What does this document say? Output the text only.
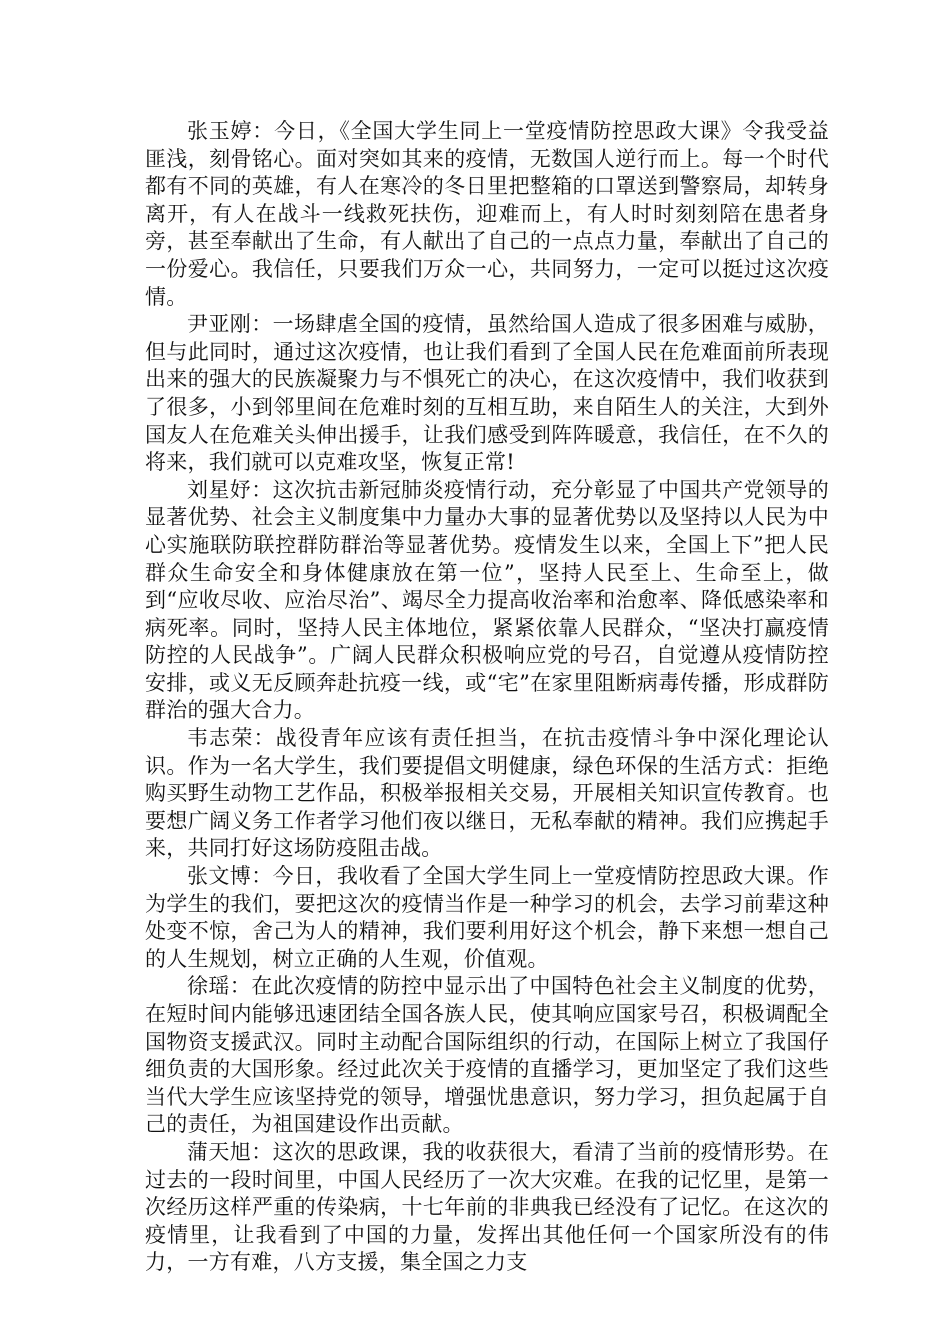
张玉婷：今日，《全国大学生同上一堂疫情防控思政大课》令我受益匪浅，刻骨铭心。面对突如其来的疫情，无数国人逆行而上。每一个时代都有不同的英雄，有人在寒冷的冬日里把整箱的口罩送到警察局，却转身离开，有人在战斗一线救死扶伤，迎难而上，有人时时刻刻陪在患者身旁，甚至奉献出了生命，有人献出了自己的一点点力量，奉献出了自己的一份爱心。我信任，只要我们万众一心，共同努力，一定可以挺过这次疫情。

尹亚刚：一场肆虐全国的疫情，虽然给国人造成了很多困难与威胁，但与此同时，通过这次疫情，也让我们看到了全国人民在危难面前所表现出来的强大的民族凝聚力与不惧死亡的决心，在这次疫情中，我们收获到了很多，小到邻里间在危难时刻的互相互助，来自陌生人的关注，大到外国友人在危难关头伸出援手，让我们感受到阵阵暖意，我信任，在不久的将来，我们就可以克难攻坚，恢复正常!

刘星妤：这次抗击新冠肺炎疫情行动，充分彰显了中国共产党领导的显著优势、社会主义制度集中力量办大事的显著优势以及坚持以人民为中心实施联防联控群防群治等显著优势。疫情发生以来，全国上下”把人民群众生命安全和身体健康放在第一位”，坚持人民至上、生命至上，做到“应收尽收、应治尽治”、竭尽全力提高收治率和治愈率、降低感染率和病死率。同时，坚持人民主体地位，紧紧依靠人民群众，“坚决打赢疫情防控的人民战争”。广阔人民群众积极响应党的号召，自觉遵从疫情防控安排，或义无反顾奔赴抗疫一线，或“宅”在家里阻断病毒传播，形成群防群治的强大合力。

韦志荣：战役青年应该有责任担当，在抗击疫情斗争中深化理论认识。作为一名大学生，我们要提倡文明健康，绿色环保的生活方式：拒绝购买野生动物工艺作品，积极举报相关交易，开展相关知识宣传教育。也要想广阔义务工作者学习他们夜以继日，无私奉献的精神。我们应携起手来，共同打好这场防疫阻击战。

张文博：今日，我收看了全国大学生同上一堂疫情防控思政大课。作为学生的我们，要把这次的疫情当作是一种学习的机会，去学习前辈这种处变不惊，舍己为人的精神，我们要利用好这个机会，静下来想一想自己的人生规划，树立正确的人生观，价值观。

徐瑶：在此次疫情的防控中显示出了中国特色社会主义制度的优势，在短时间内能够迅速团结全国各族人民，使其响应国家号召，积极调配全国物资支援武汉。同时主动配合国际组织的行动，在国际上树立了我国仔细负责的大国形象。经过此次关于疫情的直播学习，更加坚定了我们这些当代大学生应该坚持党的领导，增强忧患意识，努力学习，担负起属于自己的责任，为祖国建设作出贡献。

蒲天旭：这次的思政课，我的收获很大，看清了当前的疫情形势。在过去的一段时间里，中国人民经历了一次大灾难。在我的记忆里，是第一次经历这样严重的传染病，十七年前的非典我已经没有了记忆。在这次的疫情里，让我看到了中国的力量，发挥出其他任何一个国家所没有的伟力，一方有难，八方支援，集全国之力支
